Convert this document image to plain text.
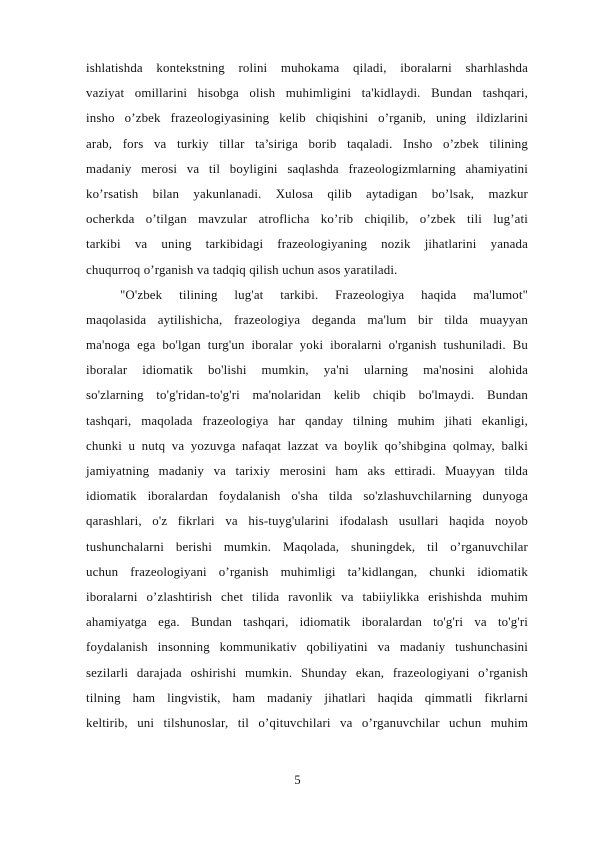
ishlatishda kontekstning rolini muhokama qiladi, iboralarni sharhlashda
vaziyat omillarini hisobga olish muhimligini ta'kidlaydi. Bundan tashqari,
insho o’zbek frazeologiyasining kelib chiqishini o’rganib, uning ildizlarini
arab, fors va turkiy tillar ta’siriga borib taqaladi. Insho o’zbek tilining
madaniy merosi va til boyligini saqlashda frazeologizmlarning ahamiyatini
ko’rsatish bilan yakunlanadi. Xulosa qilib aytadigan bo’lsak, mazkur
ocherkda o’tilgan mavzular atroflicha ko’rib chiqilib, o’zbek tili lug’ati
tarkibi va uning tarkibidagi frazeologiyaning nozik jihatlarini yanada
chuqurroq o’rganish va tadqiq qilish uchun asos yaratiladi.
"O'zbek tilining lug'at tarkibi. Frazeologiya haqida ma'lumot"
maqolasida aytilishicha, frazeologiya deganda ma'lum bir tilda muayyan
ma'noga ega bo'lgan turg'un iboralar yoki iboralarni o'rganish tushuniladi. Bu
iboralar idiomatik bo'lishi mumkin, ya'ni ularning ma'nosini alohida
so'zlarning to'g'ridan-to'g'ri ma'nolaridan kelib chiqib bo'lmaydi. Bundan
tashqari, maqolada frazeologiya har qanday tilning muhim jihati ekanligi,
chunki u nutq va yozuvga nafaqat lazzat va boylik qo’shibgina qolmay, balki
jamiyatning madaniy va tarixiy merosini ham aks ettiradi. Muayyan tilda
idiomatik iboralardan foydalanish o'sha tilda so'zlashuvchilarning dunyoga
qarashlari, o'z fikrlari va his-tuyg'ularini ifodalash usullari haqida noyob
tushunchalarni berishi mumkin. Maqolada, shuningdek, til o’rganuvchilar
uchun frazeologiyani o’rganish muhimligi ta’kidlangan, chunki idiomatik
iboralarni o’zlashtirish chet tilida ravonlik va tabiiylikka erishishda muhim
ahamiyatga ega. Bundan tashqari, idiomatik iboralardan to'g'ri va to'g'ri
foydalanish insonning kommunikativ qobiliyatini va madaniy tushunchasini
sezilarli darajada oshirishi mumkin. Shunday ekan, frazeologiyani o’rganish
tilning ham lingvistik, ham madaniy jihatlari haqida qimmatli fikrlarni
keltirib, uni tilshunoslar, til o’qituvchilari va o’rganuvchilar uchun muhim
5
